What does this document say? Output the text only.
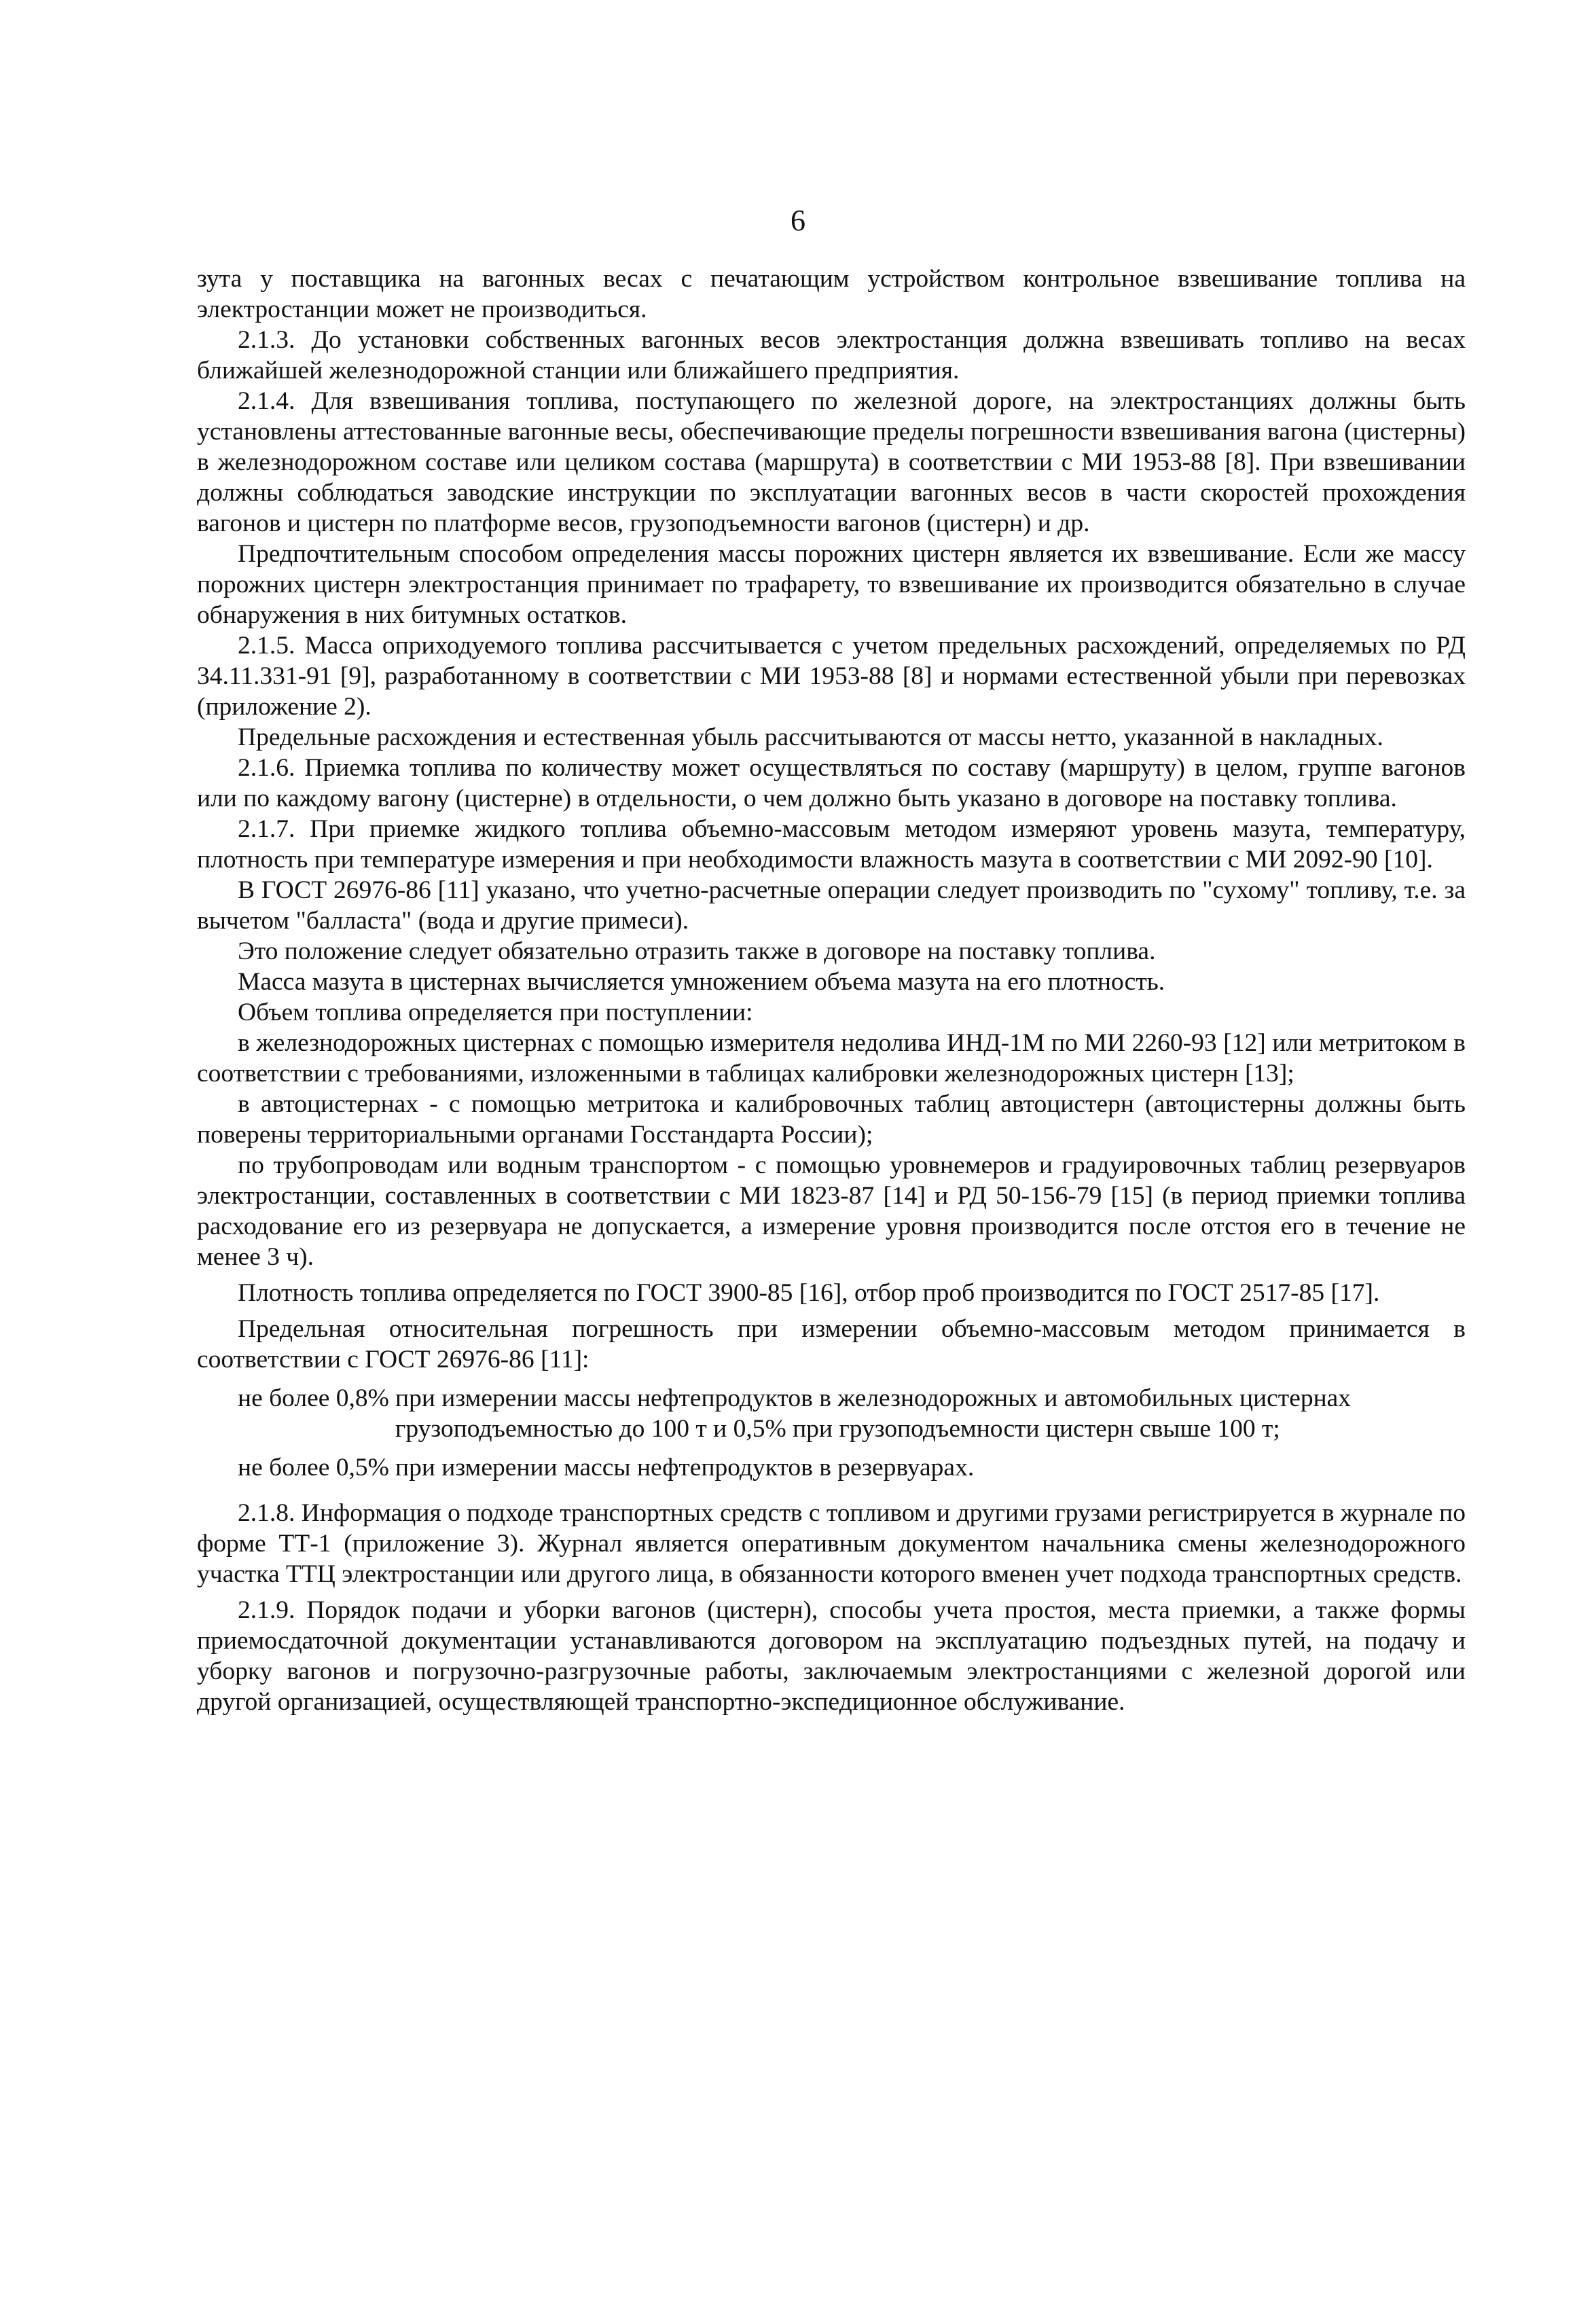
6

зута у поставщика на вагонных весах с печатающим устройством контрольное взвешивание топлива на электростанции может не производиться.

2.1.3. До установки собственных вагонных весов электростанция должна взвешивать топливо на весах ближайшей железнодорожной станции или ближайшего предприятия.

2.1.4. Для взвешивания топлива, поступающего по железной дороге, на электростанциях должны быть установлены аттестованные вагонные весы, обеспечивающие пределы погрешности взвешивания вагона (цистерны) в железнодорожном составе или целиком состава (маршрута) в соответствии с МИ 1953-88 [8]. При взвешивании должны соблюдаться заводские инструкции по эксплуатации вагонных весов в части скоростей прохождения вагонов и цистерн по платформе весов, грузоподъемности вагонов (цистерн) и др.

Предпочтительным способом определения массы порожних цистерн является их взвешивание. Если же массу порожних цистерн электростанция принимает по трафарету, то взвешивание их производится обязательно в случае обнаружения в них битумных остатков.

2.1.5. Масса оприходуемого топлива рассчитывается с учетом предельных расхождений, определяемых по РД 34.11.331-91 [9], разработанному в соответствии с МИ 1953-88 [8] и нормами естественной убыли при перевозках (приложение 2).

Предельные расхождения и естественная убыль рассчитываются от массы нетто, указанной в накладных.

2.1.6. Приемка топлива по количеству может осуществляться по составу (маршруту) в целом, группе вагонов или по каждому вагону (цистерне) в отдельности, о чем должно быть указано в договоре на поставку топлива.

2.1.7. При приемке жидкого топлива объемно-массовым методом измеряют уровень мазута, температуру, плотность при температуре измерения и при необходимости влажность мазута в соответствии с МИ 2092-90 [10].

В ГОСТ 26976-86 [11] указано, что учетно-расчетные операции следует производить по "сухому" топливу, т.е. за вычетом "балласта" (вода и другие примеси).

Это положение следует обязательно отразить также в договоре на поставку топлива.

Масса мазута в цистернах вычисляется умножением объема мазута на его плотность.

Объем топлива определяется при поступлении:

в железнодорожных цистернах с помощью измерителя недолива ИНД-1М по МИ 2260-93 [12] или метритоком в соответствии с требованиями, изложенными в таблицах калибровки железнодорожных цистерн [13];

в автоцистернах - с помощью метритока и калибровочных таблиц автоцистерн (автоцистерны должны быть поверены территориальными органами Госстандарта России);

по трубопроводам или водным транспортом - с помощью уровнемеров и градуировочных таблиц резервуаров электростанции, составленных в соответствии с МИ 1823-87 [14] и РД 50-156-79 [15] (в период приемки топлива расходование его из резервуара не допускается, а измерение уровня производится после отстоя его в течение не менее 3 ч).

Плотность топлива определяется по ГОСТ 3900-85 [16], отбор проб производится по ГОСТ 2517-85 [17].

Предельная относительная погрешность при измерении объемно-массовым методом принимается в соответствии с ГОСТ 26976-86 [11]:

не более 0,8% при измерении массы нефтепродуктов в железнодорожных и автомобильных цистернах грузоподъемностью до 100 т и 0,5% при грузоподъемности цистерн свыше 100 т;
не более 0,5% при измерении массы нефтепродуктов в резервуарах.

2.1.8. Информация о подходе транспортных средств с топливом и другими грузами регистрируется в журнале по форме ТТ-1 (приложение 3). Журнал является оперативным документом начальника смены железнодорожного участка ТТЦ электростанции или другого лица, в обязанности которого вменен учет подхода транспортных средств.

2.1.9. Порядок подачи и уборки вагонов (цистерн), способы учета простоя, места приемки, а также формы приемосдаточной документации устанавливаются договором на эксплуатацию подъездных путей, на подачу и уборку вагонов и погрузочно-разгрузочные работы, заключаемым электростанциями с железной дорогой или другой организацией, осуществляющей транспортно-экспедиционное обслуживание.
